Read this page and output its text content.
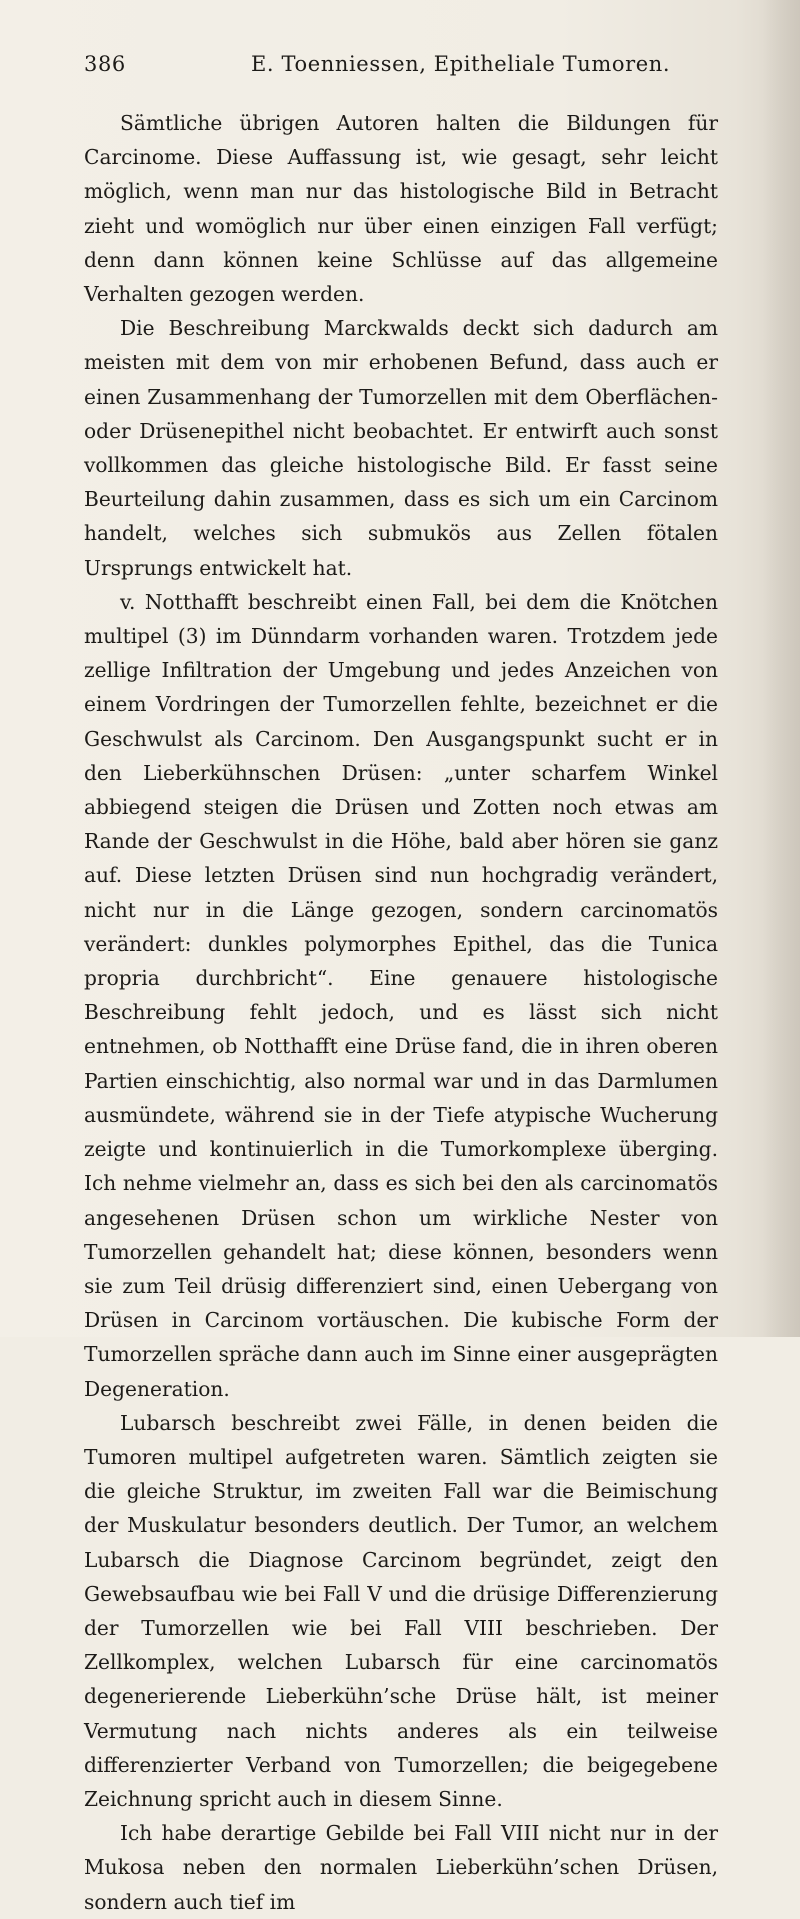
386	E. Toenniessen, Epitheliale Tumoren.

Sämtliche übrigen Autoren halten die Bildungen für Carcinome. Diese Auffassung ist, wie gesagt, sehr leicht möglich, wenn man nur das histologische Bild in Betracht zieht und womöglich nur über einen einzigen Fall verfügt; denn dann können keine Schlüsse auf das allgemeine Verhalten gezogen werden.

Die Beschreibung Marckwalds deckt sich dadurch am meisten mit dem von mir erhobenen Befund, dass auch er einen Zusammenhang der Tumorzellen mit dem Oberflächen- oder Drüsenepithel nicht beobachtet. Er entwirft auch sonst vollkommen das gleiche histologische Bild. Er fasst seine Beurteilung dahin zusammen, dass es sich um ein Carcinom handelt, welches sich submukös aus Zellen fötalen Ursprungs entwickelt hat.

v. Notthafft beschreibt einen Fall, bei dem die Knötchen multipel (3) im Dünndarm vorhanden waren. Trotzdem jede zellige Infiltration der Umgebung und jedes Anzeichen von einem Vordringen der Tumorzellen fehlte, bezeichnet er die Geschwulst als Carcinom. Den Ausgangspunkt sucht er in den Lieberkühnschen Drüsen: „unter scharfem Winkel abbiegend steigen die Drüsen und Zotten noch etwas am Rande der Geschwulst in die Höhe, bald aber hören sie ganz auf. Diese letzten Drüsen sind nun hochgradig verändert, nicht nur in die Länge gezogen, sondern carcinomatös verändert: dunkles polymorphes Epithel, das die Tunica propria durchbricht“. Eine genauere histologische Beschreibung fehlt jedoch, und es lässt sich nicht entnehmen, ob Notthafft eine Drüse fand, die in ihren oberen Partien einschichtig, also normal war und in das Darmlumen ausmündete, während sie in der Tiefe atypische Wucherung zeigte und kontinuierlich in die Tumorkomplexe überging. Ich nehme vielmehr an, dass es sich bei den als carcinomatös angesehenen Drüsen schon um wirkliche Nester von Tumorzellen gehandelt hat; diese können, besonders wenn sie zum Teil drüsig differenziert sind, einen Uebergang von Drüsen in Carcinom vortäuschen. Die kubische Form der Tumorzellen spräche dann auch im Sinne einer ausgeprägten Degeneration.

Lubarsch beschreibt zwei Fälle, in denen beiden die Tumoren multipel aufgetreten waren. Sämtlich zeigten sie die gleiche Struktur, im zweiten Fall war die Beimischung der Muskulatur besonders deutlich. Der Tumor, an welchem Lubarsch die Diagnose Carcinom begründet, zeigt den Gewebsaufbau wie bei Fall V und die drüsige Differenzierung der Tumorzellen wie bei Fall VIII beschrieben. Der Zellkomplex, welchen Lubarsch für eine carcinomatös degenerierende Lieberkühn’sche Drüse hält, ist meiner Vermutung nach nichts anderes als ein teilweise differenzierter Verband von Tumorzellen; die beigegebene Zeichnung spricht auch in diesem Sinne.

Ich habe derartige Gebilde bei Fall VIII nicht nur in der Mukosa neben den normalen Lieberkühn’schen Drüsen, sondern auch tief im
